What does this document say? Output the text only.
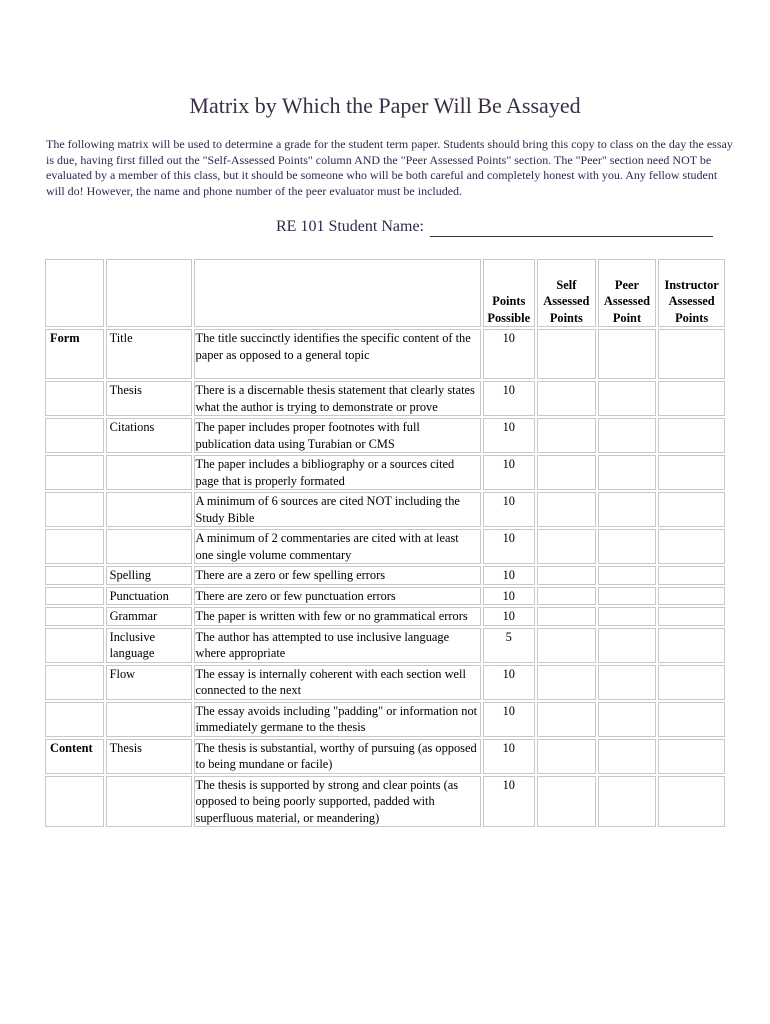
Matrix by Which the Paper Will Be Assayed

The following matrix will be used to determine a grade for the student term paper. Students should bring this copy to class on the day the essay is due, having first filled out the "Self-Assessed Points" column AND the "Peer Assessed Points" section. The "Peer" section need NOT be evaluated by a member of this class, but it should be someone who will be both careful and completely honest with you. Any fellow student will do! However, the name and phone number of the peer evaluator must be included.

RE 101 Student Name:
			Points Possible	Self Assessed Points	Peer Assessed Point	Instructor Assessed Points
Form	Title	The title succinctly identifies the specific content of the paper as opposed to a general topic	10			
	Thesis	There is a discernable thesis statement that clearly states what the author is trying to demonstrate or prove	10			
	Citations	The paper includes proper footnotes with full publication data using Turabian or CMS	10			
		The paper includes a bibliography or a sources cited page that is properly formated	10			
		A minimum of 6 sources are cited NOT including the Study Bible	10			
		A minimum of 2 commentaries are cited with at least one single volume commentary	10			
	Spelling	There are a zero or few spelling errors	10			
	Punctuation	There are zero or few punctuation errors	10			
	Grammar	The paper is written with few or no grammatical errors	10			
	Inclusive language	The author has attempted to use inclusive language where appropriate	5			
	Flow	The essay is internally coherent with each section well connected to the next	10			
		The essay avoids including "padding" or information not immediately germane to the thesis	10			
Content	Thesis	The thesis is substantial, worthy of pursuing (as opposed to being mundane or facile)	10			
		The thesis is supported by strong and clear points (as opposed to being poorly supported, padded with superfluous material, or meandering)	10			
